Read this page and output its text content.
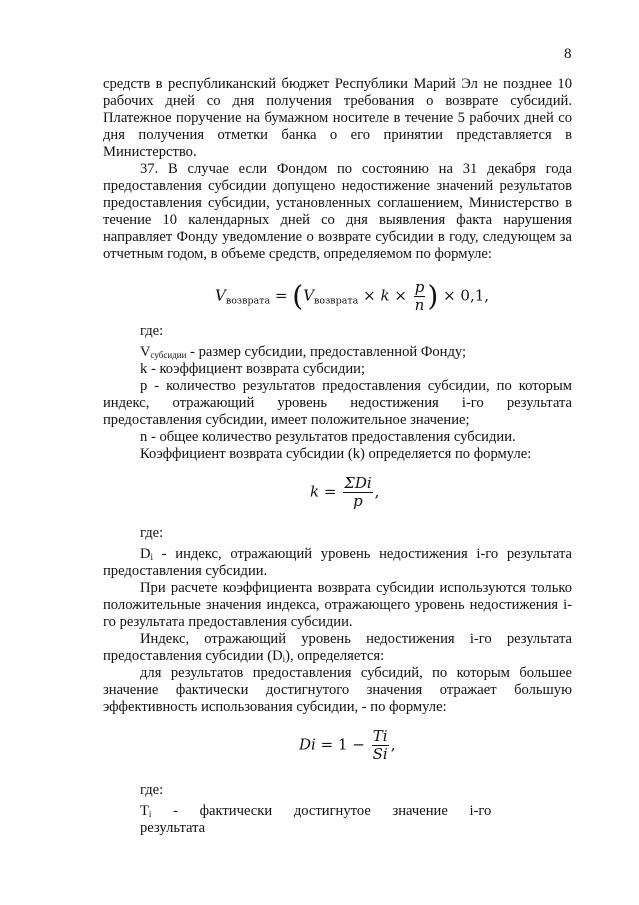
8

средств в республиканский бюджет Республики Марий Эл не позднее 10 рабочих дней со дня получения требования о возврате субсидий. Платежное поручение на бумажном носителе в течение 5 рабочих дней со дня получения отметки банка о его принятии представляется в Министерство.

37. В случае если Фондом по состоянию на 31 декабря года предоставления субсидии допущено недостижение значений результатов предоставления субсидии, установленных соглашением, Министерство в течение 10 календарных дней со дня выявления факта нарушения направляет Фонду уведомление о возврате субсидии в году, следующем за отчетным годом, в объеме средств, определяемом по формуле:

$V_{возврата} = (V_{возврата} \times k \times \frac{p}{n}$ ) × 0,1,

где:

$V_{субсидии}$ - размер субсидии, предоставленной Фонду;

k - коэффициент возврата субсидии;

p - количество результатов предоставления субсидии, по которым индекс, отражающий уровень недостижения i-го результата предоставления субсидии, имеет положительное значение;

n - общее количество результатов предоставления субсидии.

Коэффициент возврата субсидии (k) определяется по формуле:

$k = \frac{\text{ΣDi}}{p}$ ,

где:

$D_i$ - индекс, отражающий уровень недостижения i-го результата предоставления субсидии.

При расчете коэффициента возврата субсидии используются только положительные значения индекса, отражающего уровень недостижения i-го результата предоставления субсидии.

Индекс, отражающий уровень недостижения i-го результата предоставления субсидии $(D_i)$, определяется:

для результатов предоставления субсидий, по которым большее значение фактически достигнутого значения отражает большую эффективность использования субсидии, - по формуле:

$Di = 1 - \frac{Ti}{Si}$ ,

где:

$T_i$ - фактически достигнутое значение i-го результата
